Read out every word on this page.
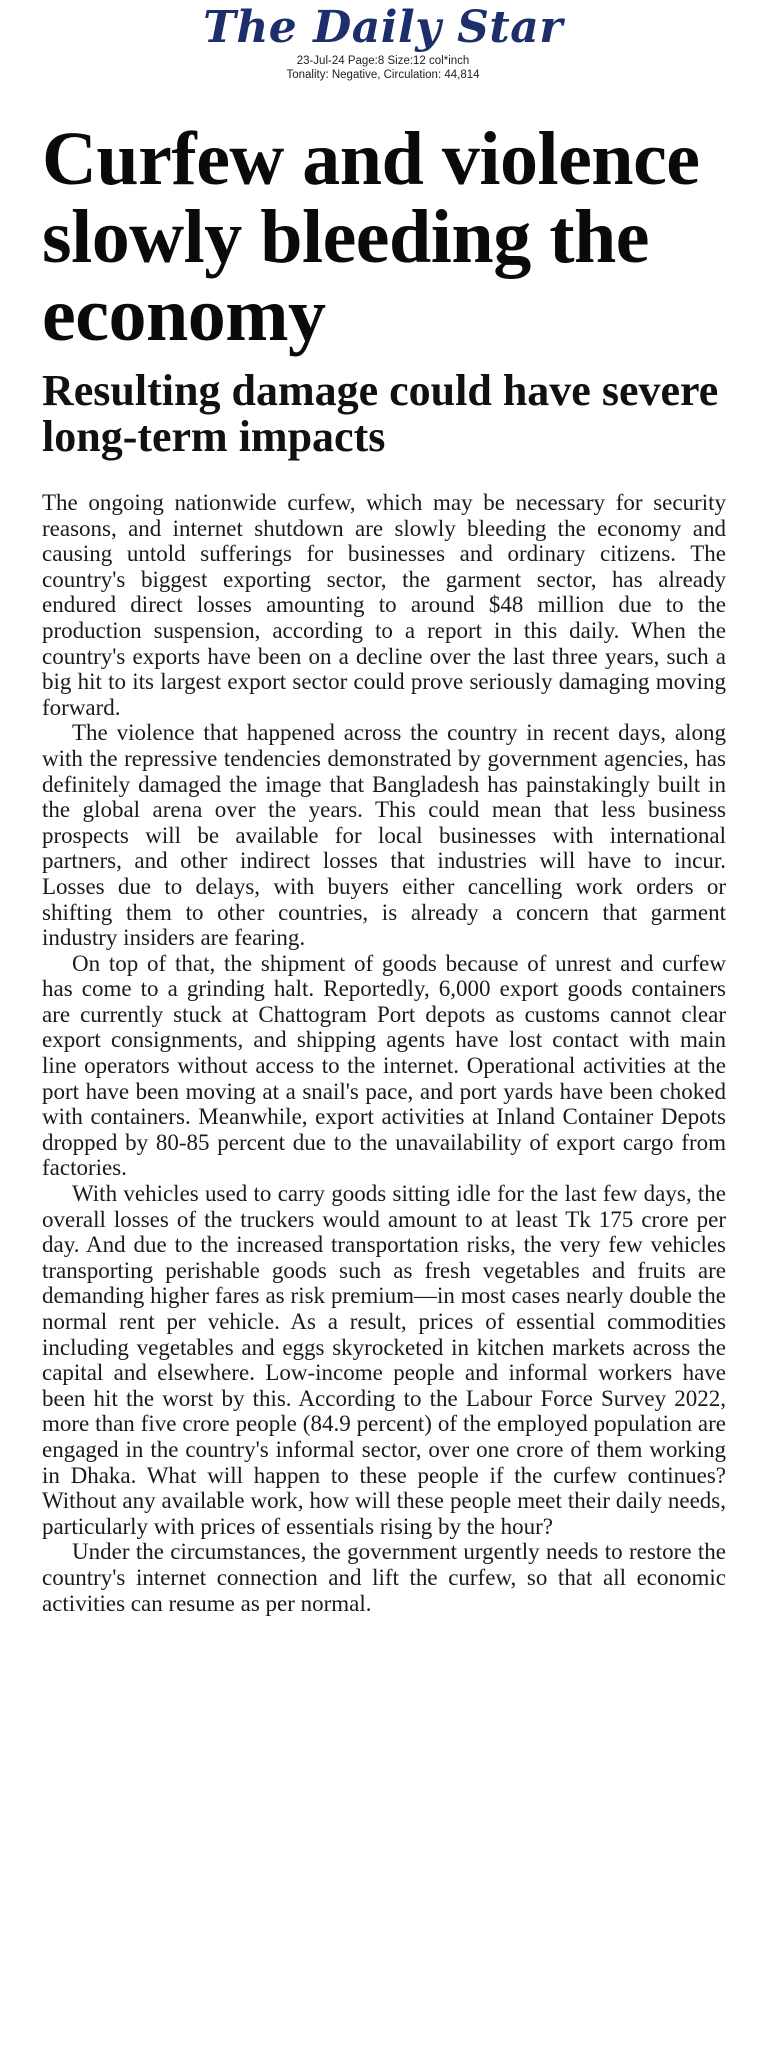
The Daily Star
23-Jul-24 Page:8 Size:12 col*inch
Tonality: Negative, Circulation: 44,814
Curfew and violence slowly bleeding the economy
Resulting damage could have severe long-term impacts

The ongoing nationwide curfew, which may be necessary for security reasons, and internet shutdown are slowly bleeding the economy and causing untold sufferings for businesses and ordinary citizens. The country's biggest exporting sector, the garment sector, has already endured direct losses amounting to around $48 million due to the production suspension, according to a report in this daily. When the country's exports have been on a decline over the last three years, such a big hit to its largest export sector could prove seriously damaging moving forward.

The violence that happened across the country in recent days, along with the repressive tendencies demonstrated by government agencies, has definitely damaged the image that Bangladesh has painstakingly built in the global arena over the years. This could mean that less business prospects will be available for local businesses with international partners, and other indirect losses that industries will have to incur. Losses due to delays, with buyers either cancelling work orders or shifting them to other countries, is already a concern that garment industry insiders are fearing.

On top of that, the shipment of goods because of unrest and curfew has come to a grinding halt. Reportedly, 6,000 export goods containers are currently stuck at Chattogram Port depots as customs cannot clear export consignments, and shipping agents have lost contact with main line operators without access to the internet. Operational activities at the port have been moving at a snail's pace, and port yards have been choked with containers. Meanwhile, export activities at Inland Container Depots dropped by 80-85 percent due to the unavailability of export cargo from factories.

With vehicles used to carry goods sitting idle for the last few days, the overall losses of the truckers would amount to at least Tk 175 crore per day. And due to the increased transportation risks, the very few vehicles transporting perishable goods such as fresh vegetables and fruits are demanding higher fares as risk premium—in most cases nearly double the normal rent per vehicle. As a result, prices of essential commodities including vegetables and eggs skyrocketed in kitchen markets across the capital and elsewhere. Low-income people and informal workers have been hit the worst by this. According to the Labour Force Survey 2022, more than five crore people (84.9 percent) of the employed population are engaged in the country's informal sector, over one crore of them working in Dhaka. What will happen to these people if the curfew continues? Without any available work, how will these people meet their daily needs, particularly with prices of essentials rising by the hour?

Under the circumstances, the government urgently needs to restore the country's internet connection and lift the curfew, so that all economic activities can resume as per normal.
